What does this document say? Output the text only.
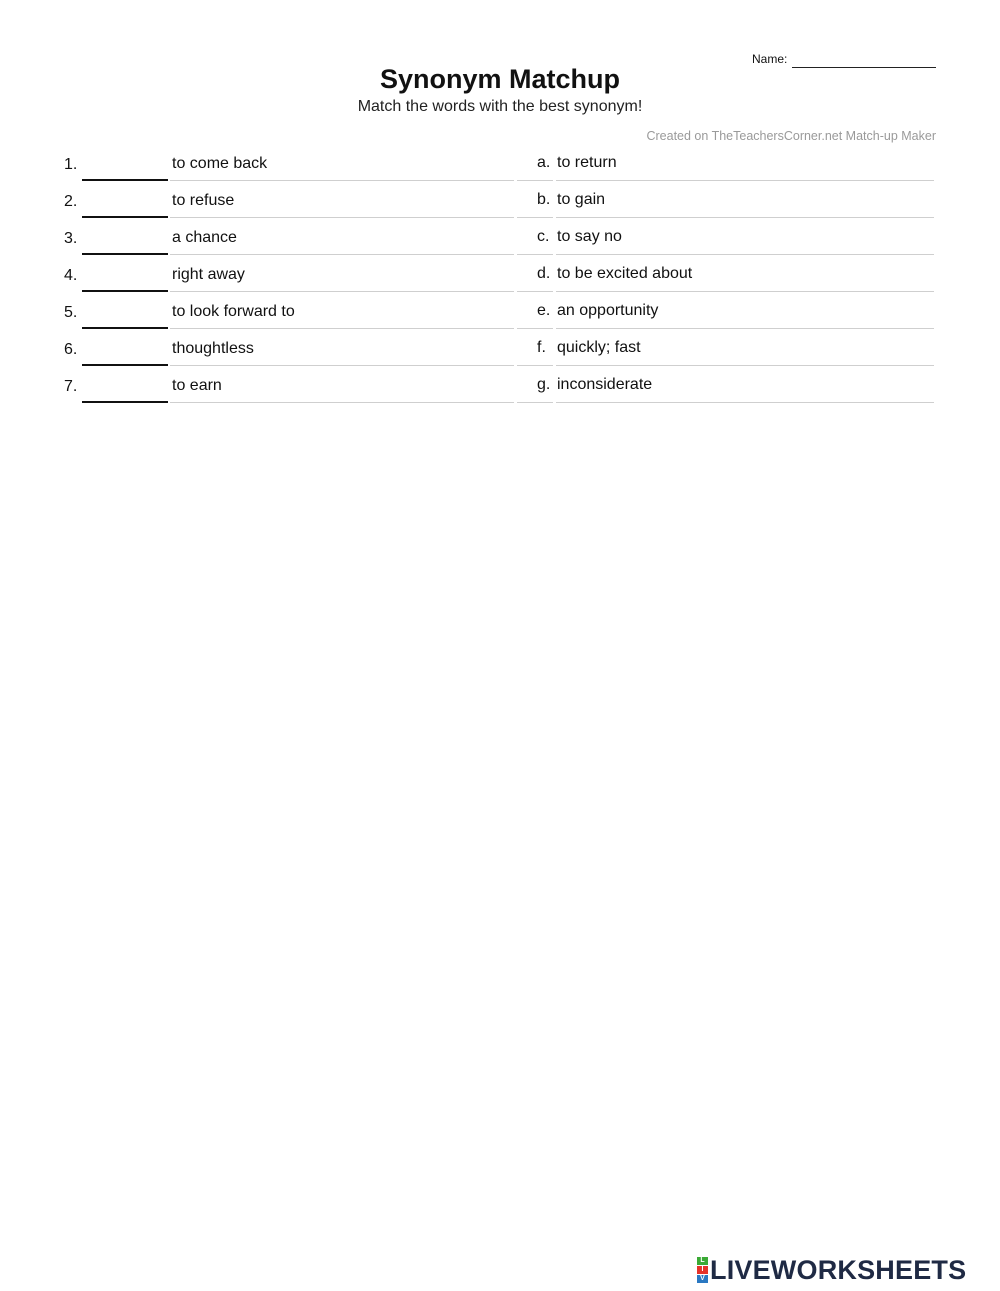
Name:
Synonym Matchup
Match the words with the best synonym!
Created on TheTeachersCorner.net Match-up Maker
1.	to come back	a. to return
2.	to refuse	b. to gain
3.	a chance	c. to say no
4.	right away	d. to be excited about
5.	to look forward to	e. an opportunity
6.	thoughtless	f. quickly; fast
7.	to earn	g. inconsiderate
L
I
V LIVEWORKSHEETS
